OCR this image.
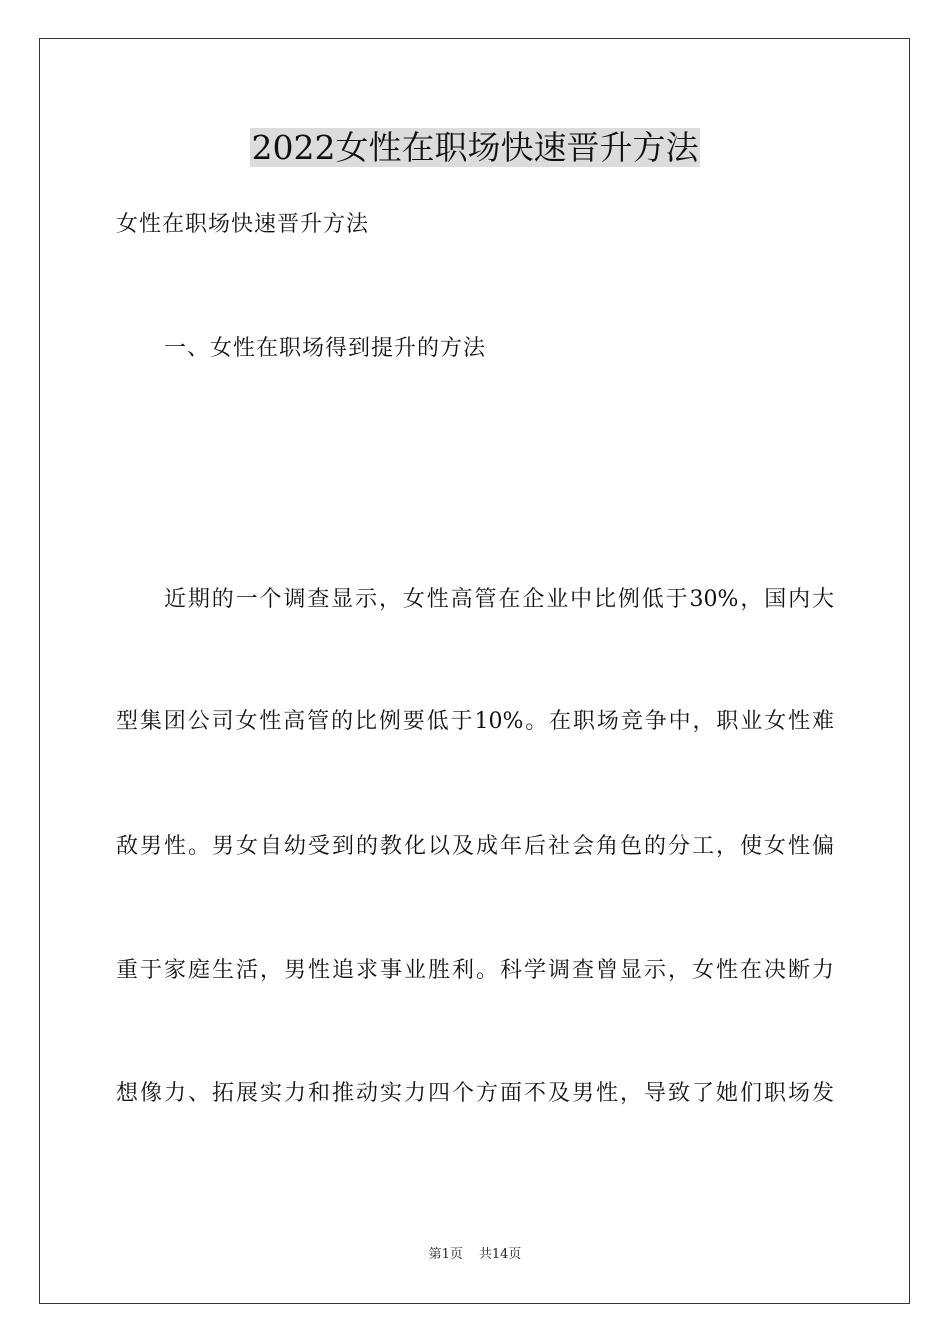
2022女性在职场快速晋升方法
女性在职场快速晋升方法
一、女性在职场得到提升的方法
近期的一个调查显示，女性高管在企业中比例低于30%，国内大
型集团公司女性高管的比例要低于10%。在职场竞争中，职业女性难
敌男性。男女自幼受到的教化以及成年后社会角色的分工，使女性偏
重于家庭生活，男性追求事业胜利。科学调查曾显示，女性在决断力
想像力、拓展实力和推动实力四个方面不及男性，导致了她们职场发
第1页 共14页
